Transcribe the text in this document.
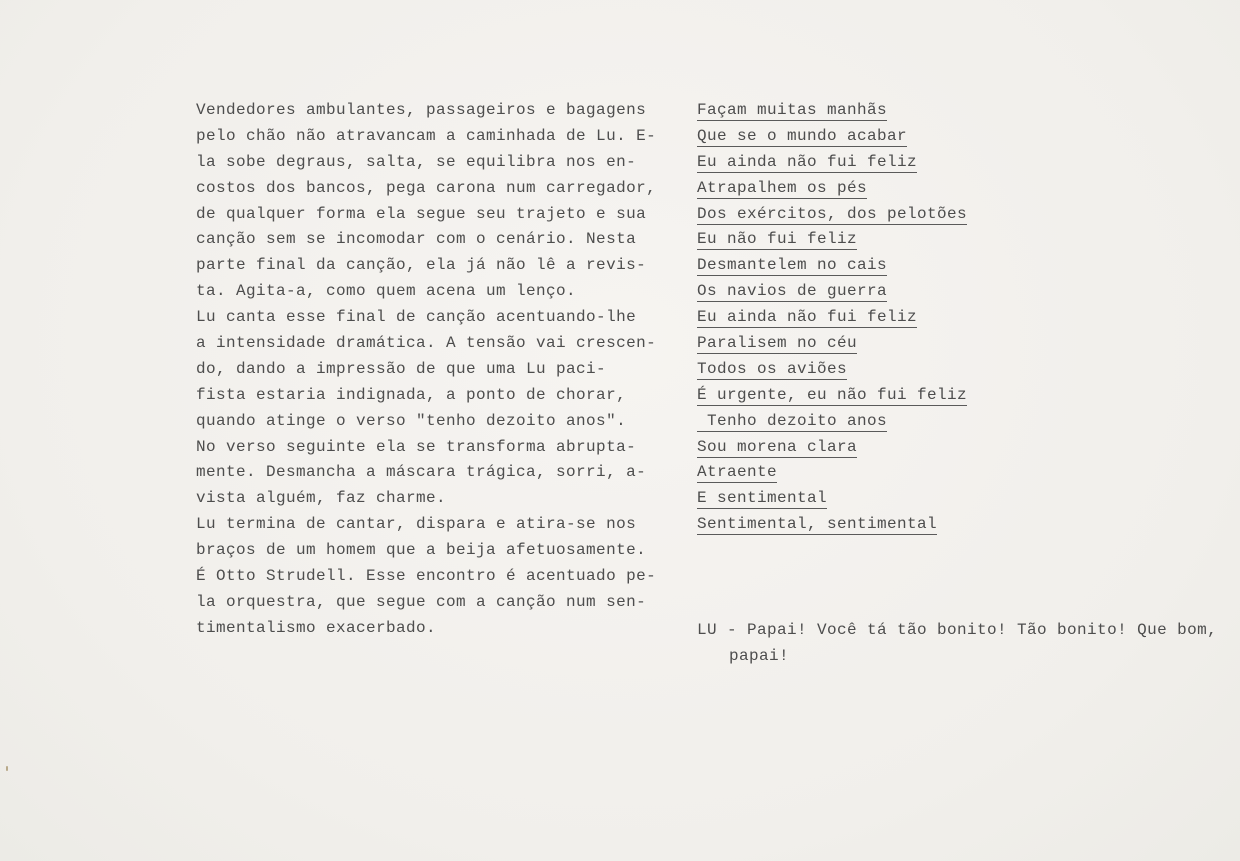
Vendedores ambulantes, passageiros e bagagens
pelo chão não atravancam a caminhada de Lu. E-
la sobe degraus, salta, se equilibra nos en-
costos dos bancos, pega carona num carregador,
de qualquer forma ela segue seu trajeto e sua
canção sem se incomodar com o cenário. Nesta
parte final da canção, ela já não lê a revis-
ta. Agita-a, como quem acena um lenço.
Lu canta esse final de canção acentuando-lhe
a intensidade dramática. A tensão vai crescen-
do, dando a impressão de que uma Lu paci-
fista estaria indignada, a ponto de chorar,
quando atinge o verso "tenho dezoito anos".
No verso seguinte ela se transforma abrupta-
mente. Desmancha a máscara trágica, sorri, a-
vista alguém, faz charme.
Lu termina de cantar, dispara e atira-se nos
braços de um homem que a beija afetuosamente.
É Otto Strudell. Esse encontro é acentuado pe-
la orquestra, que segue com a canção num sen-
timentalismo exacerbado.
Façam muitas manhãs
Que se o mundo acabar
Eu ainda não fui feliz
Atrapalhem os pés
Dos exércitos, dos pelotões
Eu não fui feliz
Desmantelem no cais
Os navios de guerra
Eu ainda não fui feliz
Paralisem no céu
Todos os aviões
É urgente, eu não fui feliz
Tenho dezoito anos
Sou morena clara
Atraente
E sentimental
Sentimental, sentimental
LU - Papai! Você tá tão bonito! Tão bonito! Que bom,
papai!
